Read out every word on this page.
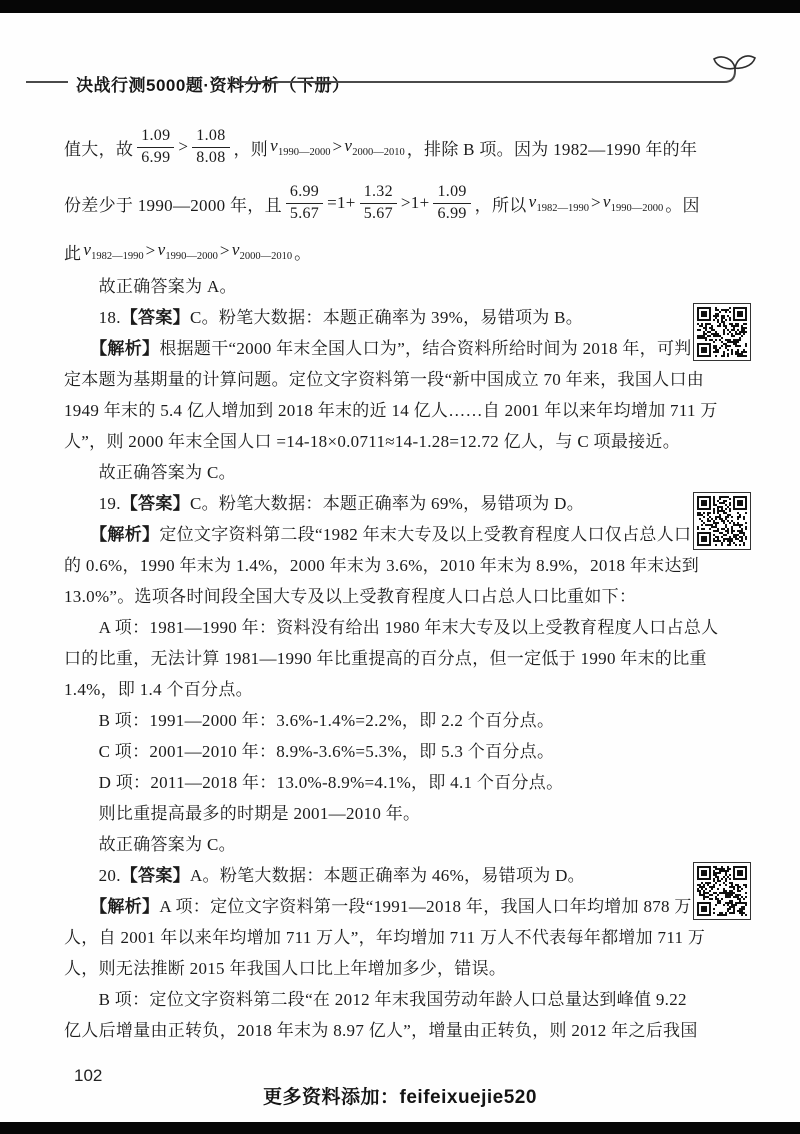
决战行测5000题·资料分析（下册）
值大，故 $\frac{1.09}{6.99} > \frac{1.08}{8.08}$ ，则 $v_{1990—2000} > v_{2000—2010}$ ，排除 B 项。因为 1982—1990 年的年
份差少于 1990—2000 年，且 $\frac{6.99}{5.67} =1+ \frac{1.32}{5.67} >1+ \frac{1.09}{6.99}$ ，所以 $v_{1982—1990} > v_{1990—2000}$ 。因
此 $v_{1982—1990} > v_{1990—2000} > v_{2000—2010}$ 。
　　故正确答案为 A。
　　18.【答案】C。粉笔大数据：本题正确率为 39%，易错项为 B。
　　【解析】根据题干“2000 年末全国人口为”，结合资料所给时间为 2018 年，可判
定本题为基期量的计算问题。定位文字资料第一段“新中国成立 70 年来，我国人口由
1949 年末的 5.4 亿人增加到 2018 年末的近 14 亿人……自 2001 年以来年均增加 711 万
人”，则 2000 年末全国人口 =14-18×0.0711≈14-1.28=12.72 亿人，与 C 项最接近。
　　故正确答案为 C。
　　19.【答案】C。粉笔大数据：本题正确率为 69%，易错项为 D。
　　【解析】定位文字资料第二段“1982 年末大专及以上受教育程度人口仅占总人口
的 0.6%，1990 年末为 1.4%，2000 年末为 3.6%，2010 年末为 8.9%，2018 年末达到
13.0%”。选项各时间段全国大专及以上受教育程度人口占总人口比重如下：
　　A 项：1981—1990 年：资料没有给出 1980 年末大专及以上受教育程度人口占总人
口的比重，无法计算 1981—1990 年比重提高的百分点，但一定低于 1990 年末的比重
1.4%，即 1.4 个百分点。
　　B 项：1991—2000 年：3.6%-1.4%=2.2%，即 2.2 个百分点。
　　C 项：2001—2010 年：8.9%-3.6%=5.3%，即 5.3 个百分点。
　　D 项：2011—2018 年：13.0%-8.9%=4.1%，即 4.1 个百分点。
　　则比重提高最多的时期是 2001—2010 年。
　　故正确答案为 C。
　　20.【答案】A。粉笔大数据：本题正确率为 46%，易错项为 D。
　　【解析】A 项：定位文字资料第一段“1991—2018 年，我国人口年均增加 878 万
人，自 2001 年以来年均增加 711 万人”，年均增加 711 万人不代表每年都增加 711 万
人，则无法推断 2015 年我国人口比上年增加多少，错误。
　　B 项：定位文字资料第二段“在 2012 年末我国劳动年龄人口总量达到峰值 9.22
亿人后增量由正转负，2018 年末为 8.97 亿人”，增量由正转负，则 2012 年之后我国
102
更多资料添加：feifeixuejie520
